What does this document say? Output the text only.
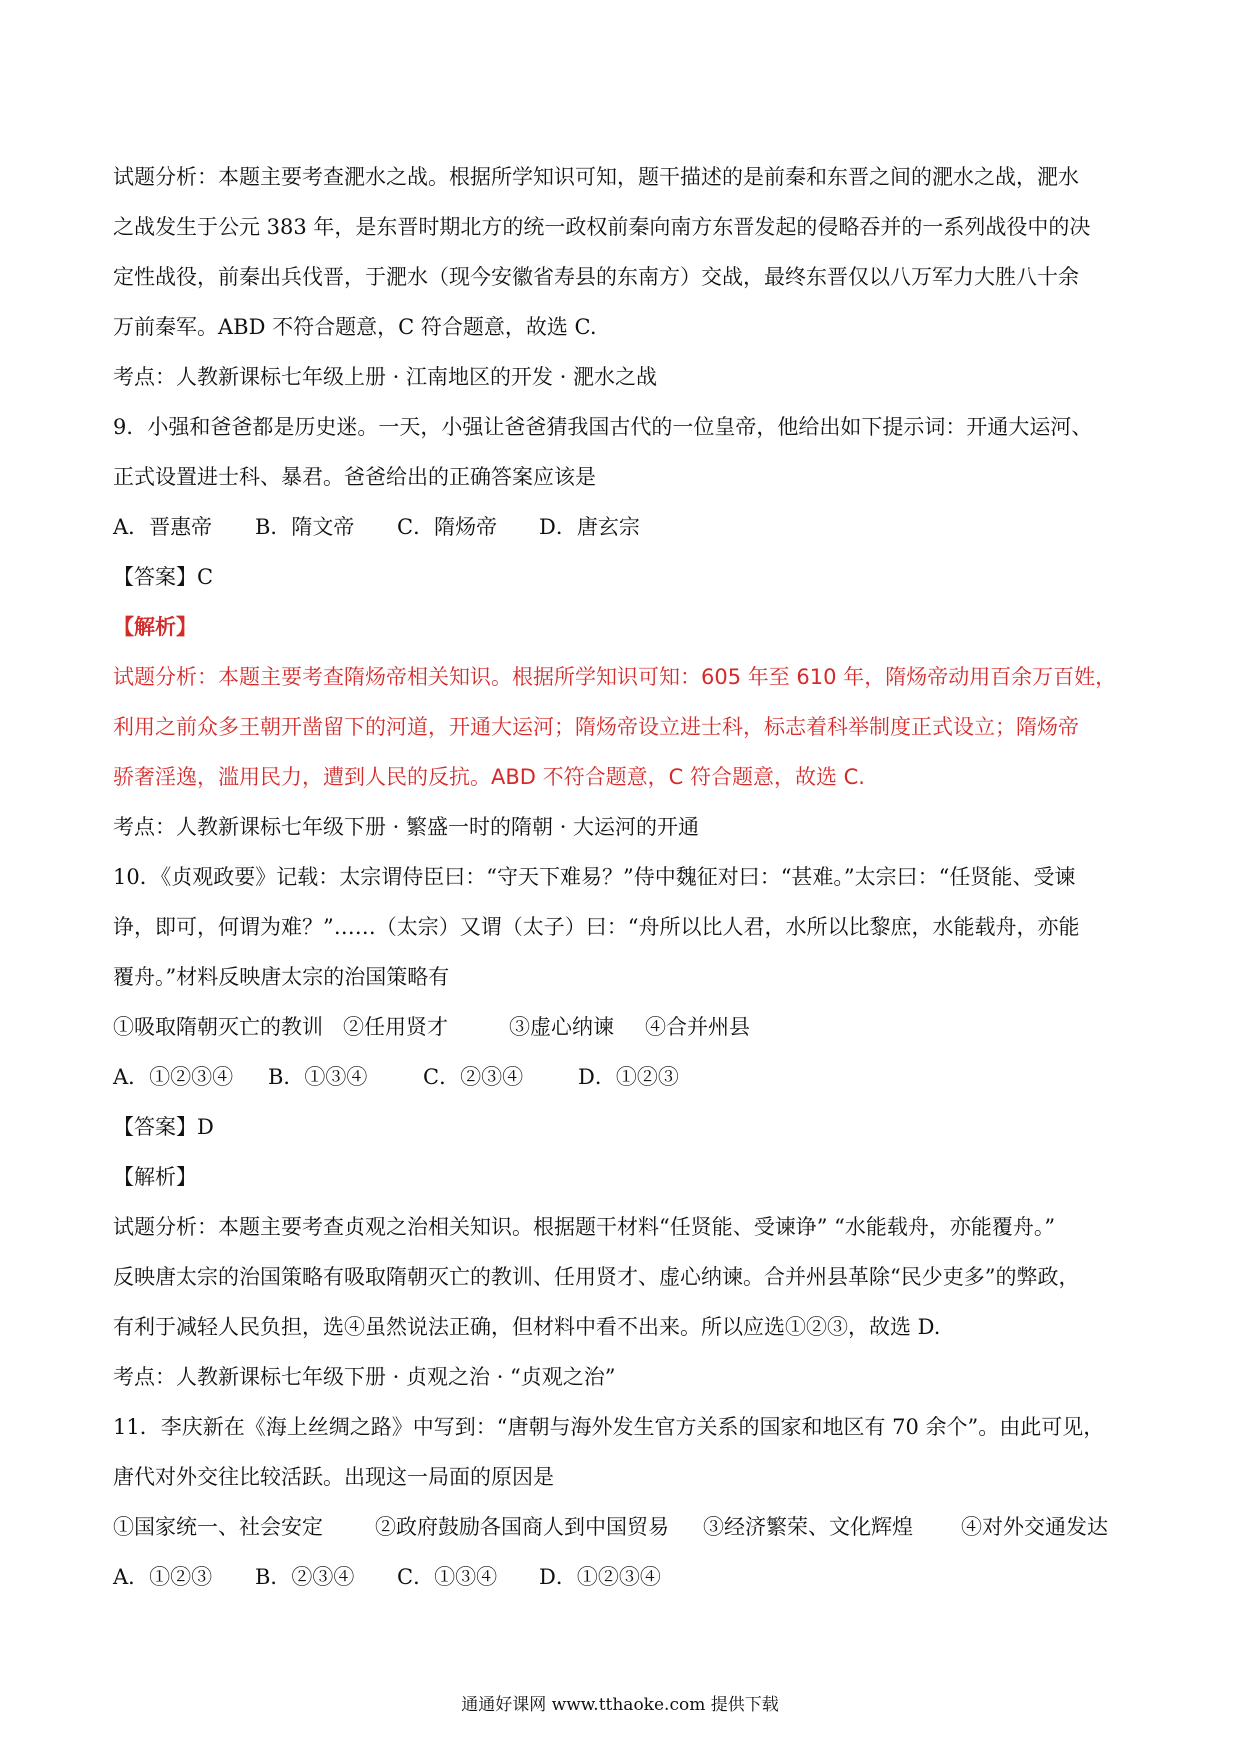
试题分析：本题主要考查淝水之战。根据所学知识可知，题干描述的是前秦和东晋之间的淝水之战，淝水

之战发生于公元 383 年，是东晋时期北方的统一政权前秦向南方东晋发起的侵略吞并的一系列战役中的决

定性战役，前秦出兵伐晋，于淝水（现今安徽省寿县的东南方）交战，最终东晋仅以八万军力大胜八十余

万前秦军。ABD 不符合题意，C 符合题意，故选 C.

考点：人教新课标七年级上册 · 江南地区的开发 · 淝水之战

9．小强和爸爸都是历史迷。一天，小强让爸爸猜我国古代的一位皇帝，他给出如下提示词：开通大运河、

正式设置进士科、暴君。爸爸给出的正确答案应该是

A．晋惠帝 B．隋文帝 C．隋炀帝 D．唐玄宗

【答案】C

【解析】

试题分析：本题主要考查隋炀帝相关知识。根据所学知识可知：605 年至 610 年，隋炀帝动用百余万百姓，

利用之前众多王朝开凿留下的河道，开通大运河；隋炀帝设立进士科，标志着科举制度正式设立；隋炀帝

骄奢淫逸，滥用民力，遭到人民的反抗。ABD 不符合题意，C 符合题意，故选 C.

考点：人教新课标七年级下册 · 繁盛一时的隋朝 · 大运河的开通

10．《贞观政要》记载：太宗谓侍臣曰：“守天下难易？”侍中魏征对曰：“甚难。”太宗曰：“任贤能、受谏

诤，即可，何谓为难？”……（太宗）又谓（太子）曰：“舟所以比人君，水所以比黎庶，水能载舟，亦能

覆舟。”材料反映唐太宗的治国策略有

①吸取隋朝灭亡的教训 ②任用贤才	③虚心纳谏 ④合并州县

A．①②③④ B．①③④	C．②③④	D．①②③

【答案】D

【解析】

试题分析：本题主要考查贞观之治相关知识。根据题干材料“任贤能、受谏诤” “水能载舟，亦能覆舟。”

反映唐太宗的治国策略有吸取隋朝灭亡的教训、任用贤才、虚心纳谏。合并州县革除“民少吏多”的弊政，

有利于减轻人民负担，选④虽然说法正确，但材料中看不出来。所以应选①②③，故选 D.

考点：人教新课标七年级下册 · 贞观之治 · “贞观之治”

11．李庆新在《海上丝绸之路》中写到：“唐朝与海外发生官方关系的国家和地区有 70 余个”。由此可见，

唐代对外交往比较活跃。出现这一局面的原因是

①国家统一、社会安定 ②政府鼓励各国商人到中国贸易 ③经济繁荣、文化辉煌 ④对外交通发达

A．①②③ B．②③④ C．①③④ D．①②③④

通通好课网 www.tthaoke.com 提供下载
